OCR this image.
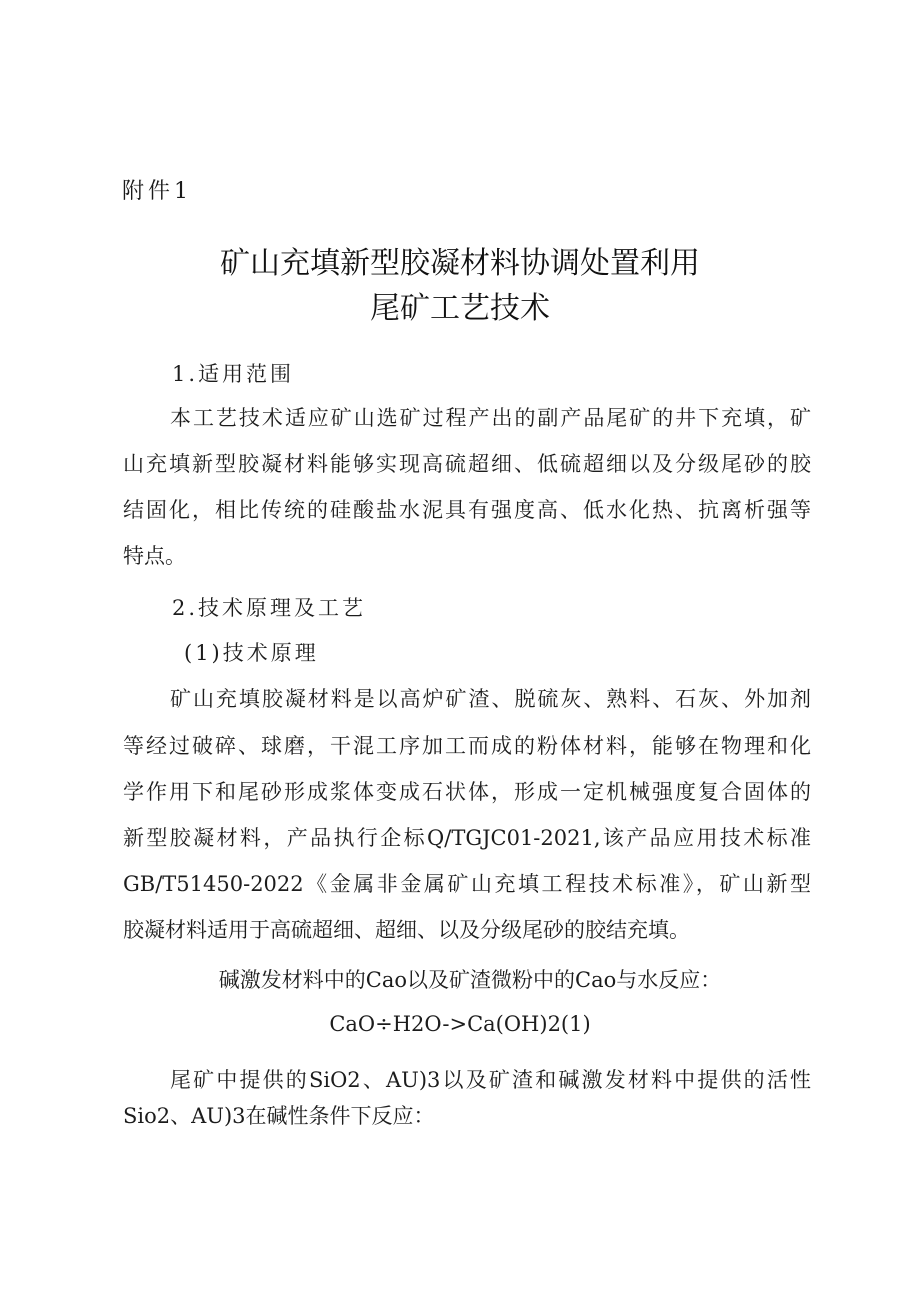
附件1
矿山充填新型胶凝材料协调处置利用
尾矿工艺技术
1.适用范围
本工艺技术适应矿山选矿过程产出的副产品尾矿的井下充填，矿
山充填新型胶凝材料能够实现高硫超细、低硫超细以及分级尾砂的胶
结固化，相比传统的硅酸盐水泥具有强度高、低水化热、抗离析强等
特点。
2.技术原理及工艺
(1)技术原理
矿山充填胶凝材料是以高炉矿渣、脱硫灰、熟料、石灰、外加剂
等经过破碎、球磨，干混工序加工而成的粉体材料，能够在物理和化
学作用下和尾砂形成浆体变成石状体，形成一定机械强度复合固体的
新型胶凝材料，产品执行企标Q/TGJC01-2021,该产品应用技术标准
GB/T51450-2022《金属非金属矿山充填工程技术标准》，矿山新型
胶凝材料适用于高硫超细、超细、以及分级尾砂的胶结充填。
碱激发材料中的Cao以及矿渣微粉中的Cao与水反应：
CaO÷H2O->Ca(OH)2(1)
尾矿中提供的SiO2、AU)3以及矿渣和碱激发材料中提供的活性
Sio2、AU)3在碱性条件下反应：
